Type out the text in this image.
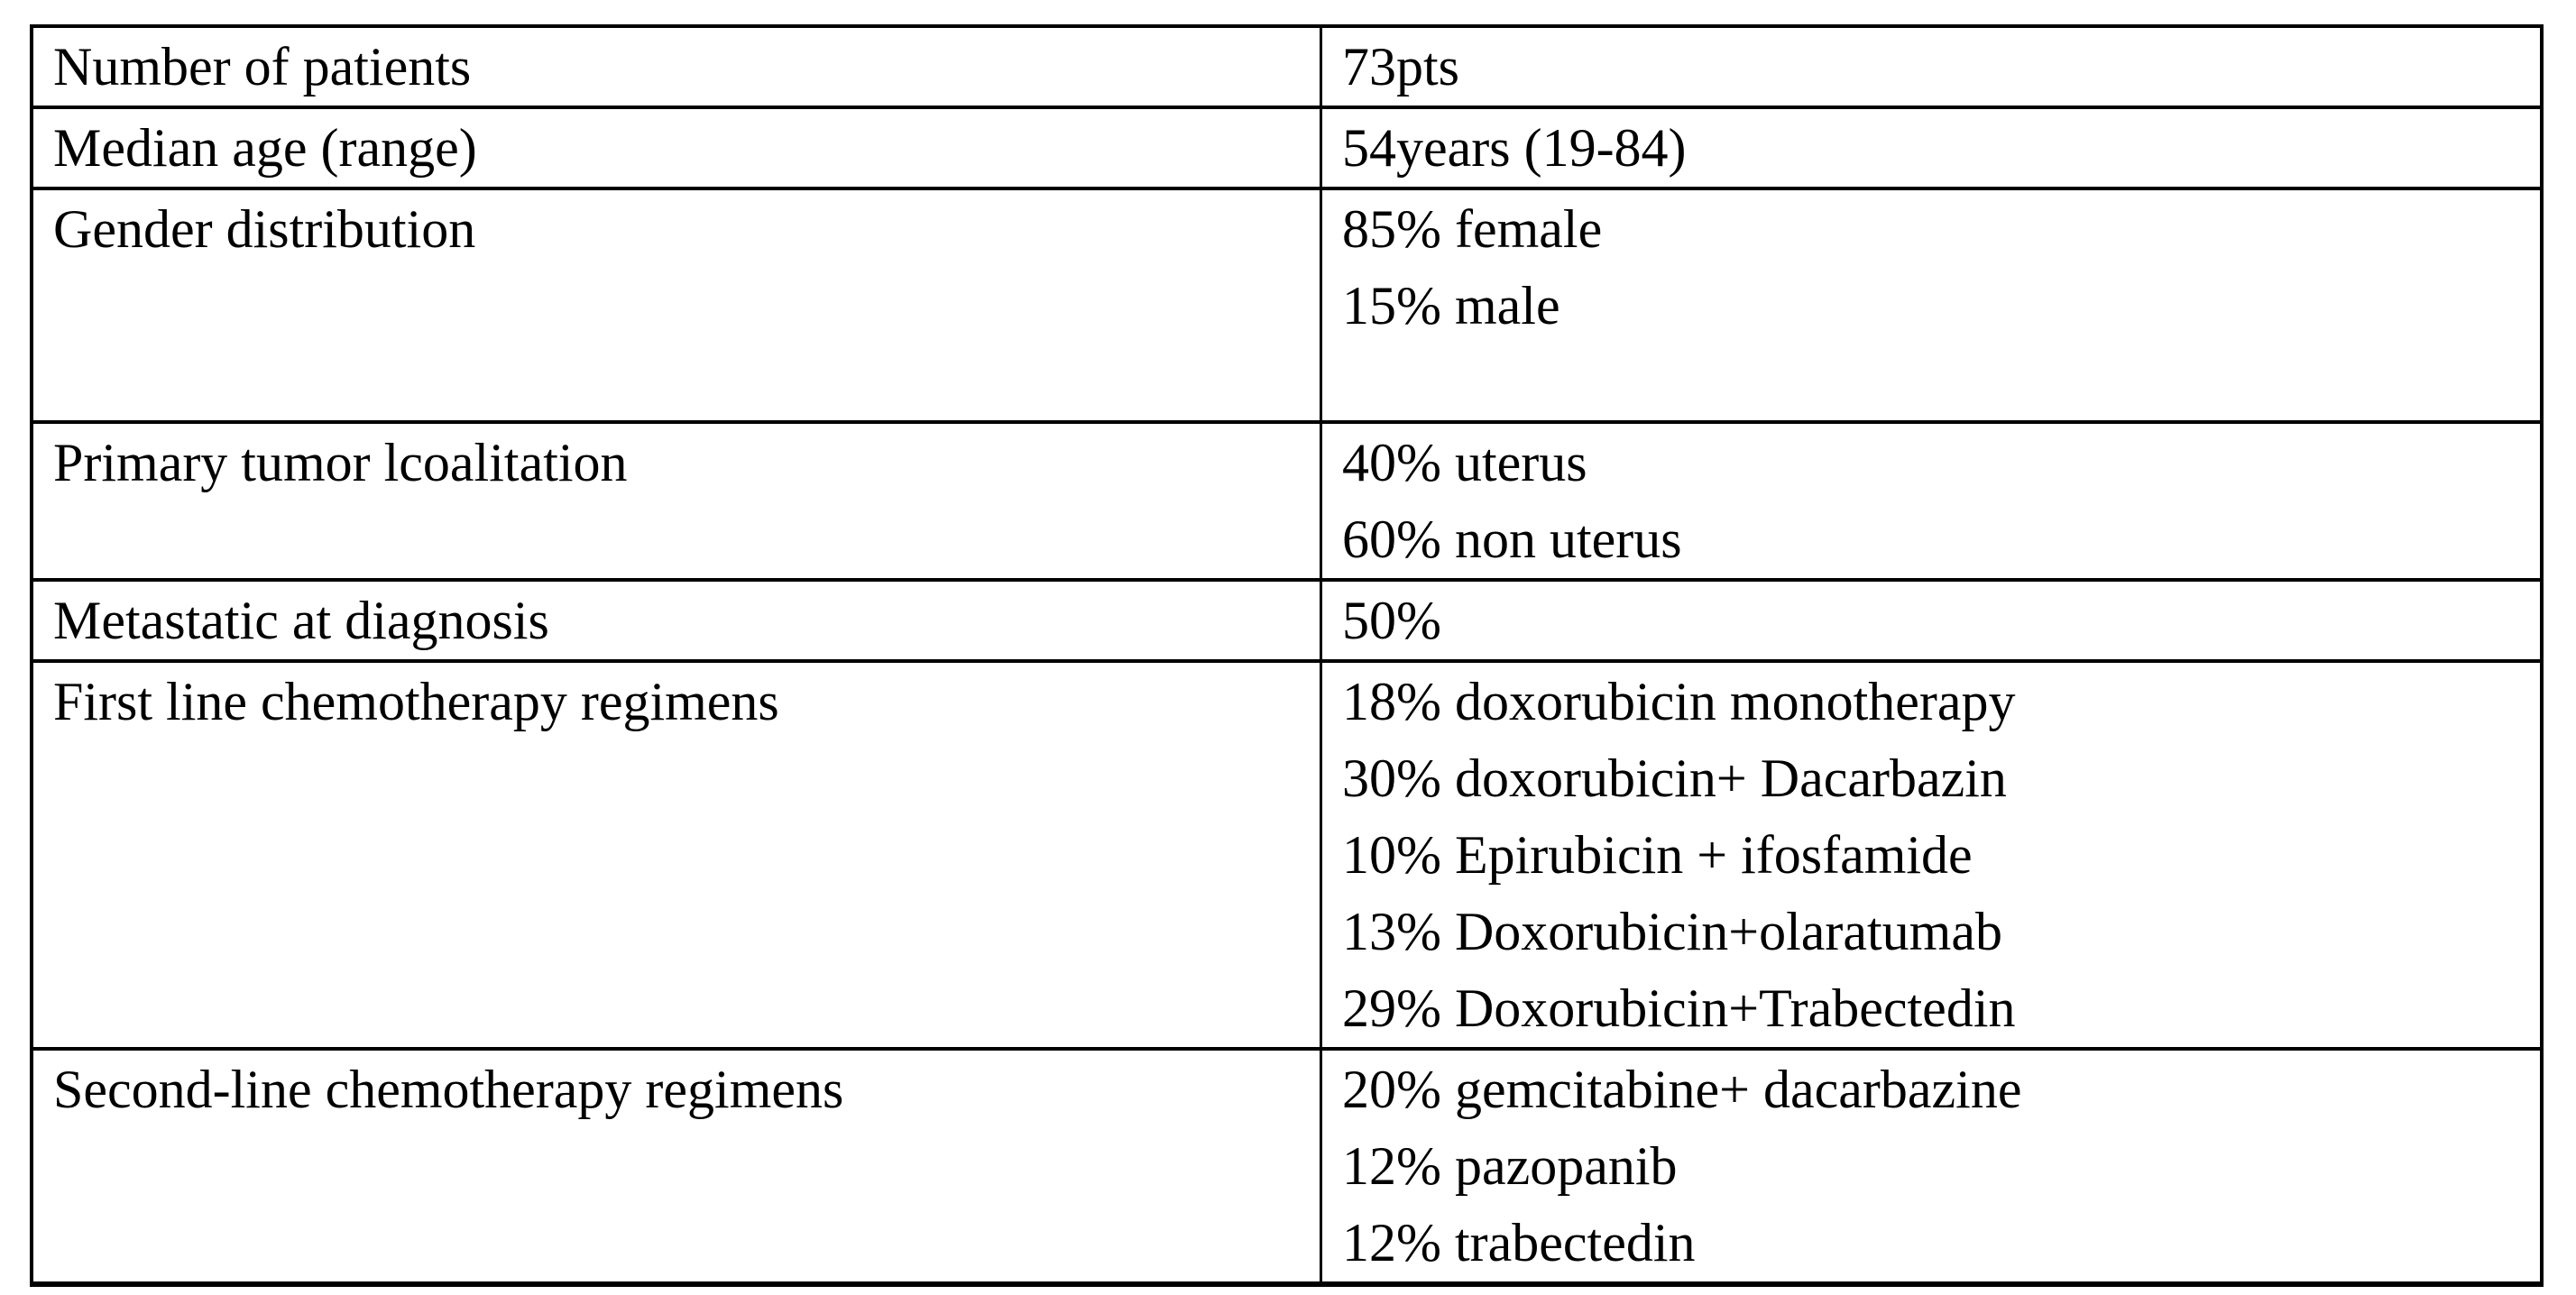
Number of patients	73pts

Median age (range)	54years (19-84)

Gender distribution	85% female
15% male

Primary tumor lcoalitation	40% uterus
60% non uterus

Metastatic at diagnosis	50%

First line chemotherapy regimens	18% doxorubicin monotherapy
30% doxorubicin+ Dacarbazin
10% Epirubicin + ifosfamide
13% Doxorubicin+olaratumab
29% Doxorubicin+Trabectedin

Second-line chemotherapy regimens	20% gemcitabine+ dacarbazine
12% pazopanib
12% trabectedin
